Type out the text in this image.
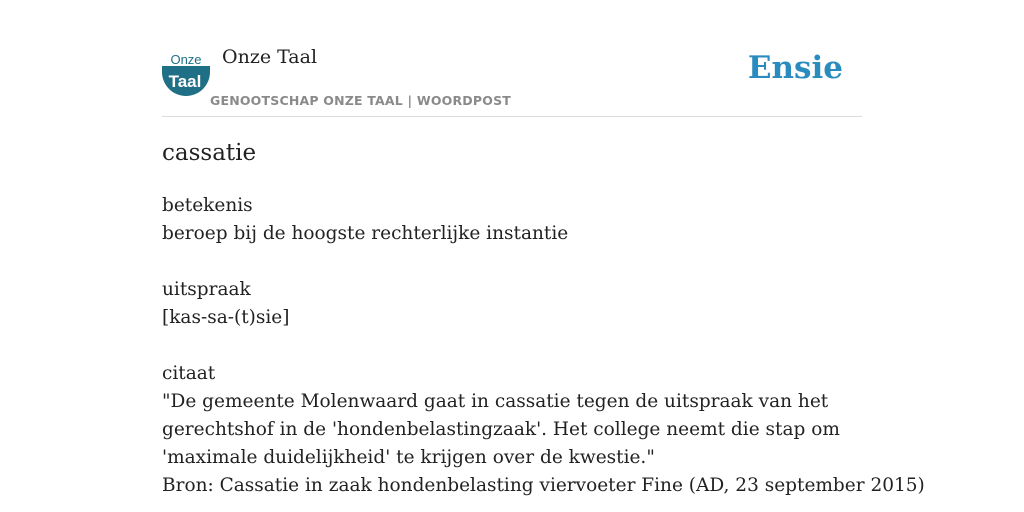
Onze
Taal
Onze Taal
GENOOTSCHAP ONZE TAAL | WOORDPOST
Ensie
cassatie
betekenis
beroep bij de hoogste rechterlijke instantie
uitspraak
[kas-sa-(t)sie]
citaat
"De gemeente Molenwaard gaat in cassatie tegen de uitspraak van het
gerechtshof in de 'hondenbelastingzaak'. Het college neemt die stap om
'maximale duidelijkheid' te krijgen over de kwestie."
Bron: Cassatie in zaak hondenbelasting viervoeter Fine (AD, 23 september 2015)
